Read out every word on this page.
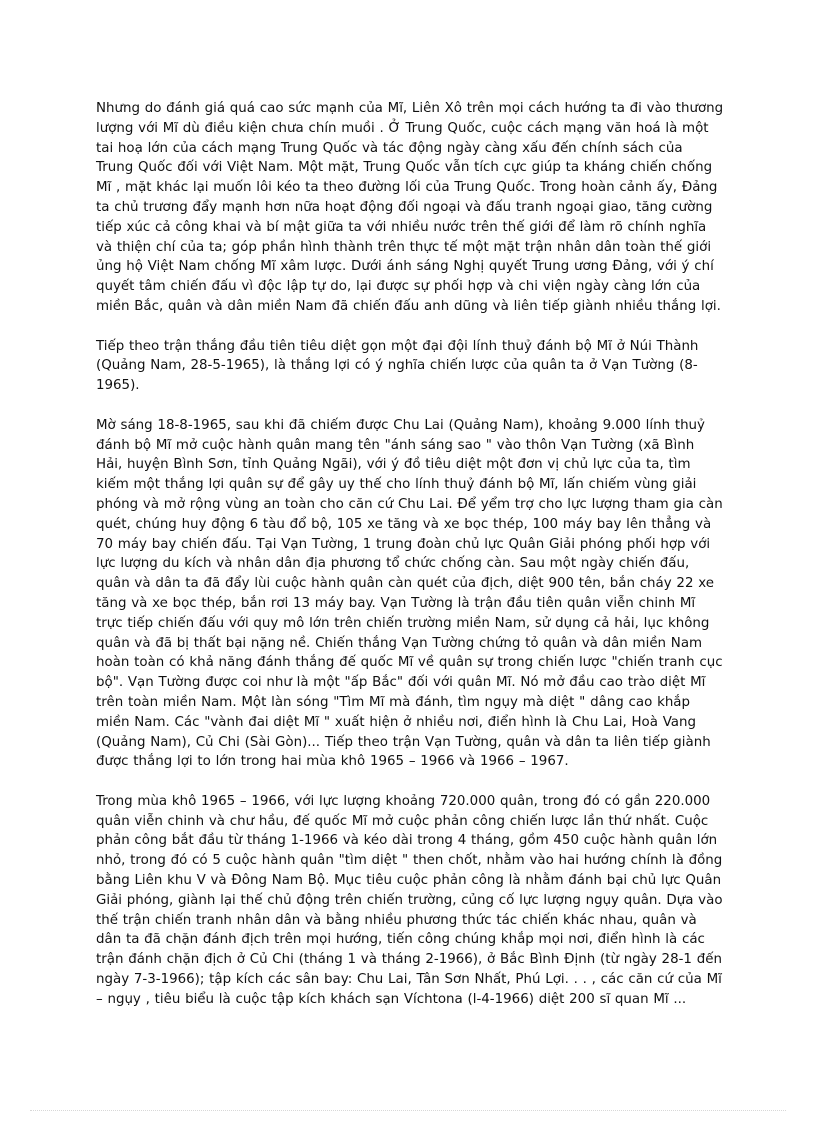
Nhưng do đánh giá quá cao sức mạnh của Mĩ, Liên Xô trên mọi cách hướng ta đi vào thương lượng với Mĩ dù điều kiện chưa chín muồi . Ở Trung Quốc, cuộc cách mạng văn hoá là một tai hoạ lớn của cách mạng Trung Quốc và tác động ngày càng xấu đến chính sách của Trung Quốc đối với Việt Nam. Một mặt, Trung Quốc vẫn tích cực giúp ta kháng chiến chống Mĩ , mặt khác lại muốn lôi kéo ta theo đường lối của Trung Quốc. Trong hoàn cảnh ấy, Đảng ta chủ trương đẩy mạnh hơn nữa hoạt động đối ngoại và đấu tranh ngoại giao, tăng cường tiếp xúc cả công khai và bí mật giữa ta với nhiều nước trên thế giới để làm rõ chính nghĩa và thiện chí của ta; góp phần hình thành trên thực tế một mặt trận nhân dân toàn thế giới ủng hộ Việt Nam chống Mĩ xâm lược. Dưới ánh sáng Nghị quyết Trung ương Đảng, với ý chí quyết tâm chiến đấu vì độc lập tự do, lại được sự phối hợp và chi viện ngày càng lớn của miền Bắc, quân và dân miền Nam đã chiến đấu anh dũng và liên tiếp giành nhiều thắng lợi.

Tiếp theo trận thắng đầu tiên tiêu diệt gọn một đại đội lính thuỷ đánh bộ Mĩ ở Núi Thành (Quảng Nam, 28-5-1965), là thắng lợi có ý nghĩa chiến lược của quân ta ở Vạn Tường (8-1965).

Mờ sáng 18-8-1965, sau khi đã chiếm được Chu Lai (Quảng Nam), khoảng 9.000 lính thuỷ đánh bộ Mĩ mở cuộc hành quân mang tên "ánh sáng sao " vào thôn Vạn Tường (xã Bình Hải, huyện Bình Sơn, tỉnh Quảng Ngãi), với ý đồ tiêu diệt một đơn vị chủ lực của ta, tìm kiếm một thắng lợi quân sự để gây uy thế cho lính thuỷ đánh bộ Mĩ, lấn chiếm vùng giải phóng và mở rộng vùng an toàn cho căn cứ Chu Lai. Để yểm trợ cho lực lượng tham gia càn quét, chúng huy động 6 tàu đổ bộ, 105 xe tăng và xe bọc thép, 100 máy bay lên thẳng và 70 máy bay chiến đấu. Tại Vạn Tường, 1 trung đoàn chủ lực Quân Giải phóng phối hợp với lực lượng du kích và nhân dân địa phương tổ chức chống càn. Sau một ngày chiến đấu, quân và dân ta đã đẩy lùi cuộc hành quân càn quét của địch, diệt 900 tên, bắn cháy 22 xe tăng và xe bọc thép, bắn rơi 13 máy bay. Vạn Tường là trận đầu tiên quân viễn chinh Mĩ trực tiếp chiến đấu với quy mô lớn trên chiến trường miền Nam, sử dụng cả hải, lục không quân và đã bị thất bại nặng nề. Chiến thắng Vạn Tường chứng tỏ quân và dân miền Nam hoàn toàn có khả năng đánh thắng đế quốc Mĩ về quân sự trong chiến lược "chiến tranh cục bộ". Vạn Tường được coi như là một "ấp Bắc" đối với quân Mĩ. Nó mở đầu cao trào diệt Mĩ trên toàn miền Nam. Một làn sóng "Tìm Mĩ mà đánh, tìm ngụy mà diệt " dâng cao khắp miền Nam. Các "vành đai diệt Mĩ " xuất hiện ở nhiều nơi, điển hình là Chu Lai, Hoà Vang (Quảng Nam), Củ Chi (Sài Gòn)... Tiếp theo trận Vạn Tường, quân và dân ta liên tiếp giành được thắng lợi to lớn trong hai mùa khô 1965 – 1966 và 1966 – 1967.

Trong mùa khô 1965 – 1966, với lực lượng khoảng 720.000 quân, trong đó có gần 220.000 quân viễn chinh và chư hầu, đế quốc Mĩ mở cuộc phản công chiến lược lần thứ nhất. Cuộc phản công bắt đầu từ tháng 1-1966 và kéo dài trong 4 tháng, gồm 450 cuộc hành quân lớn nhỏ, trong đó có 5 cuộc hành quân "tìm diệt " then chốt, nhằm vào hai hướng chính là đồng bằng Liên khu V và Đông Nam Bộ. Mục tiêu cuộc phản công là nhằm đánh bại chủ lực Quân Giải phóng, giành lại thế chủ động trên chiến trường, củng cố lực lượng ngụy quân. Dựa vào thế trận chiến tranh nhân dân và bằng nhiều phương thức tác chiến khác nhau, quân và dân ta đã chặn đánh địch trên mọi hướng, tiến công chúng khắp mọi nơi, điển hình là các trận đánh chặn địch ở Củ Chi (tháng 1 và tháng 2-1966), ở Bắc Bình Định (từ ngày 28-1 đến ngày 7-3-1966); tập kích các sân bay: Chu Lai, Tân Sơn Nhất, Phú Lợi. . . , các căn cứ của Mĩ – ngụy , tiêu biểu là cuộc tập kích khách sạn Víchtona (l-4-1966) diệt 200 sĩ quan Mĩ ...
